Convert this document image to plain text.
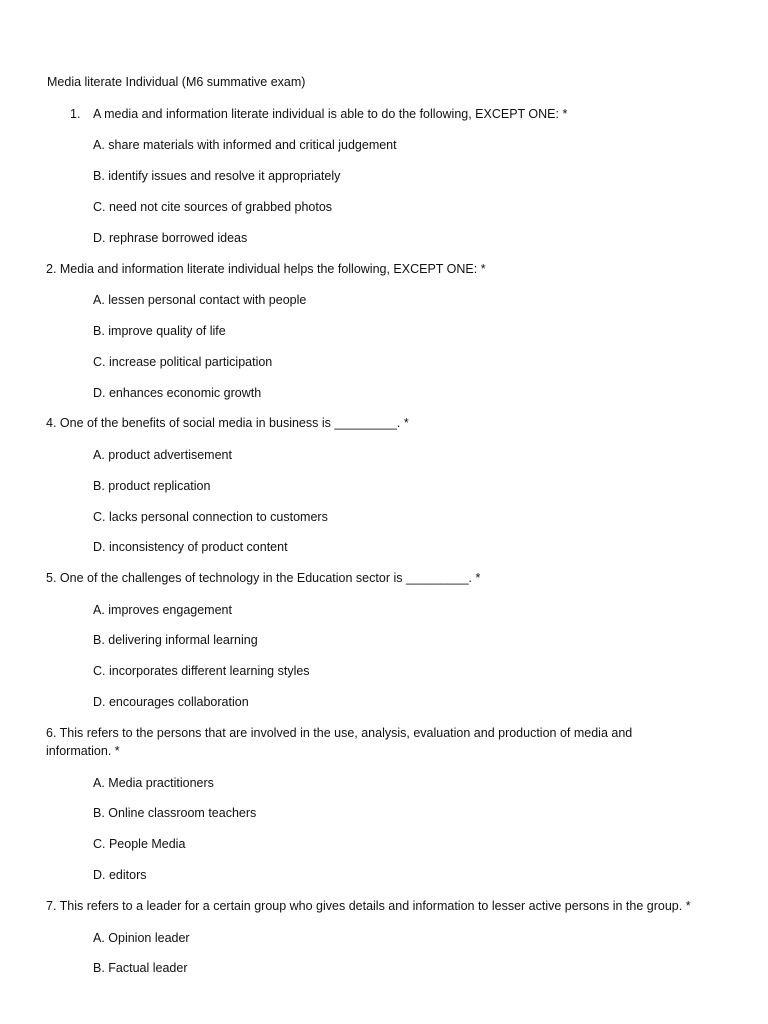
Media literate Individual (M6 summative exam)
1. A media and information literate individual is able to do the following, EXCEPT ONE: *
A. share materials with informed and critical judgement
B. identify issues and resolve it appropriately
C. need not cite sources of grabbed photos
D. rephrase borrowed ideas
2. Media and information literate individual helps the following, EXCEPT ONE: *
A. lessen personal contact with people
B. improve quality of life
C. increase political participation
D. enhances economic growth
4. One of the benefits of social media in business is _________. *
A. product advertisement
B. product replication
C. lacks personal connection to customers
D. inconsistency of product content
5. One of the challenges of technology in the Education sector is _________. *
A. improves engagement
B. delivering informal learning
C. incorporates different learning styles
D. encourages collaboration
6. This refers to the persons that are involved in the use, analysis, evaluation and production of media and information. *
A. Media practitioners
B. Online classroom teachers
C. People Media
D. editors
7. This refers to a leader for a certain group who gives details and information to lesser active persons in the group. *
A. Opinion leader
B. Factual leader
